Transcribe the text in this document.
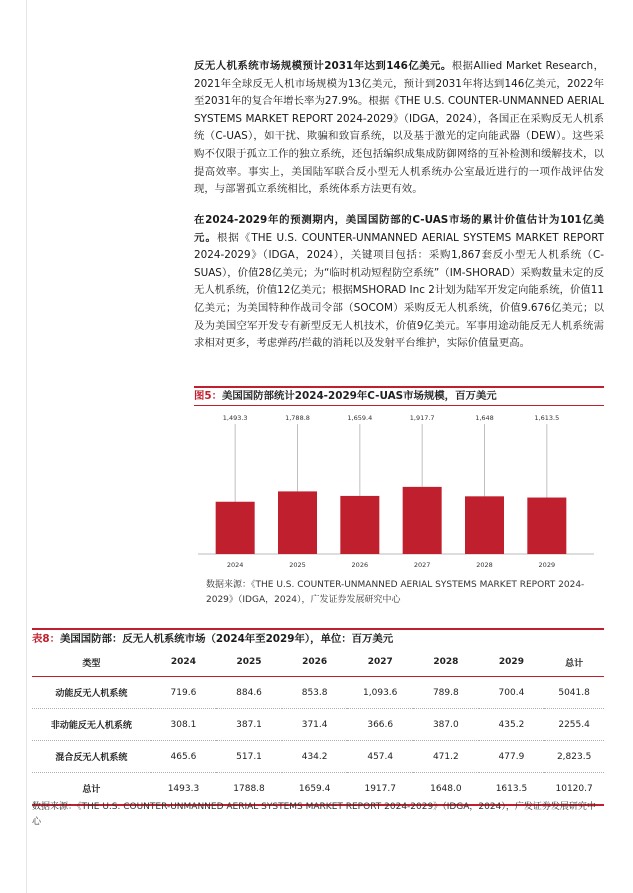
反无人机系统市场规模预计2031年达到146亿美元。根据Allied Market Research，2021年全球反无人机市场规模为13亿美元，预计到2031年将达到146亿美元，2022年至2031年的复合年增长率为27.9%。根据《THE U.S. COUNTER-UNMANNED AERIAL SYSTEMS MARKET REPORT 2024-2029》（IDGA，2024），各国正在采购反无人机系统（C-UAS），如干扰、欺骗和致盲系统，以及基于激光的定向能武器（DEW）。这些采购不仅限于孤立工作的独立系统，还包括编织成集成防御网络的互补检测和缓解技术，以提高效率。事实上，美国陆军联合反小型无人机系统办公室最近进行的一项作战评估发现，与部署孤立系统相比，系统体系方法更有效。
在2024-2029年的预测期内，美国国防部的C-UAS市场的累计价值估计为101亿美元。根据《THE U.S. COUNTER-UNMANNED AERIAL SYSTEMS MARKET REPORT 2024-2029》（IDGA，2024），关键项目包括：采购1,867套反小型无人机系统（C-SUAS），价值28亿美元；为“临时机动短程防空系统”（IM-SHORAD）采购数量未定的反无人机系统，价值12亿美元；根据MSHORAD Inc 2计划为陆军开发定向能系统，价值11亿美元；为美国特种作战司令部（SOCOM）采购反无人机系统，价值9.676亿美元；以及为美国空军开发专有新型反无人机技术，价值9亿美元。军事用途动能反无人机系统需求相对更多，考虑弹药/拦截的消耗以及发射平台维护，实际价值量更高。
图5：美国国防部统计2024-2029年C-UAS市场规模，百万美元
1,493.3
2024
1,788.8
2025
1,659.4
2026
1,917.7
2027
1,648
2028
1,613.5
2029
数据来源：《THE U.S. COUNTER-UNMANNED AERIAL SYSTEMS MARKET REPORT 2024-2029》（IDGA，2024），广发证券发展研究中心
表8：美国国防部：反无人机系统市场（2024年至2029年），单位：百万美元
类型	2024	2025	2026	2027	2028	2029	总计
动能反无人机系统	719.6	884.6	853.8	1,093.6	789.8	700.4	5041.8
非动能反无人机系统	308.1	387.1	371.4	366.6	387.0	435.2	2255.4
混合反无人机系统	465.6	517.1	434.2	457.4	471.2	477.9	2,823.5
总计	1493.3	1788.8	1659.4	1917.7	1648.0	1613.5	10120.7
数据来源：《THE U.S. COUNTER-UNMANNED AERIAL SYSTEMS MARKET REPORT 2024-2029》（IDGA，2024），广发证券发展研究中心
